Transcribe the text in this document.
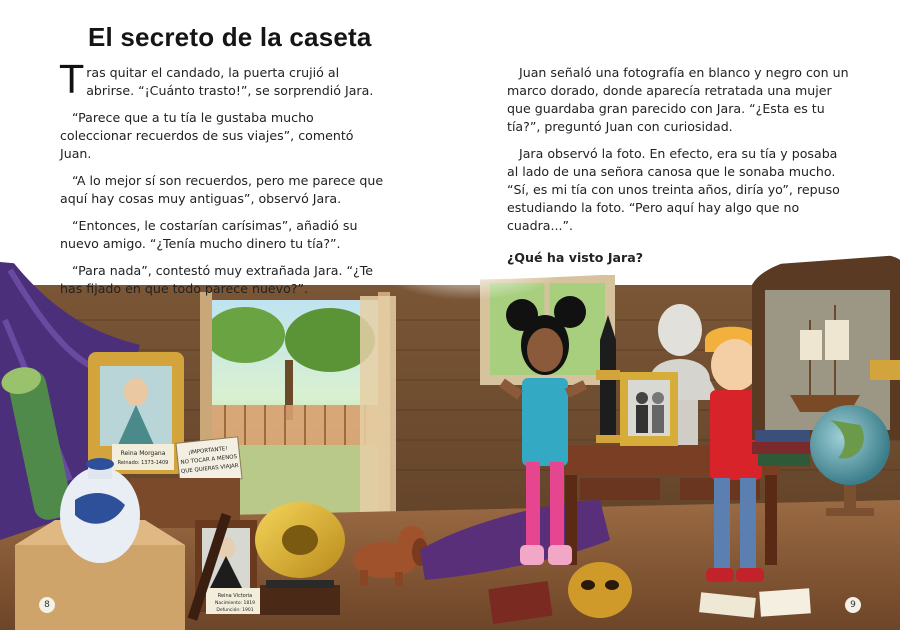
Reina Morgana
Reinado: 1373-1409
¡IMPORTANTE!
NO TOCAR A MENOS
QUE QUIERAS VIAJAR
Reina Victoria
Nacimiento: 1819
Defunción: 1901
El secreto de la caseta

Tras quitar el candado, la puerta crujió al abrirse. “¡Cuánto trasto!”, se sorprendió Jara.

“Parece que a tu tía le gustaba mucho coleccionar recuerdos de sus viajes”, comentó Juan.

“A lo mejor sí son recuerdos, pero me parece que aquí hay cosas muy antiguas”, observó Jara.

“Entonces, le costarían carísimas”, añadió su nuevo amigo. “¿Tenía mucho dinero tu tía?”.

“Para nada”, contestó muy extrañada Jara. “¿Te has fijado en que todo parece nuevo?”.

Juan señaló una fotografía en blanco y negro con un marco dorado, donde aparecía retratada una mujer que guardaba gran parecido con Jara. “¿Esta es tu tía?”, preguntó Juan con curiosidad.

Jara observó la foto. En efecto, era su tía y posaba al lado de una señora canosa que le sonaba mucho. “Sí, es mi tía con unos treinta años, diría yo”, repuso estudiando la foto. “Pero aquí hay algo que no cuadra...”.

¿Qué ha visto Jara?

8	9
